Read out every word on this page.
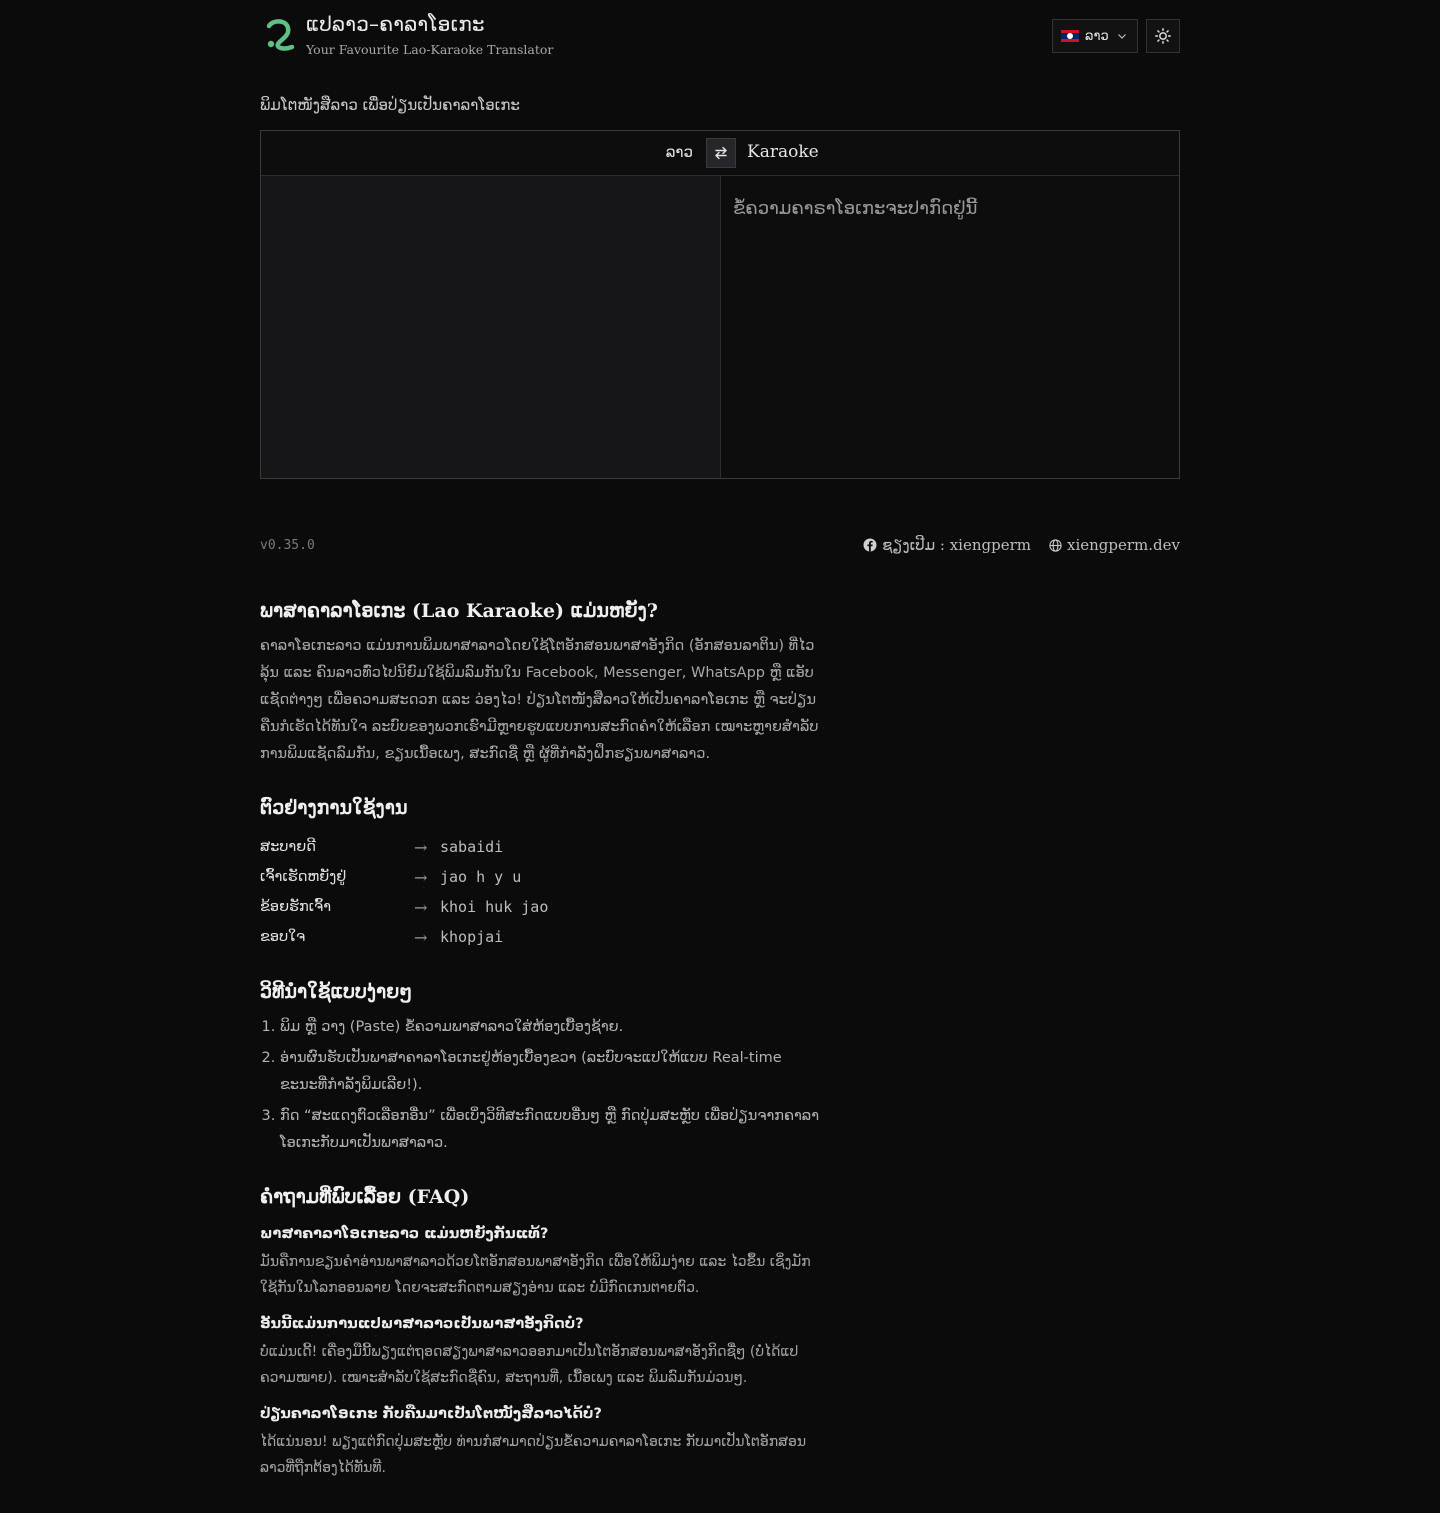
ແປລາວ–ຄາລາໂອເກະ
Your Favourite Lao-Karaoke Translator
ລາວ
ພິມໂຕໜັງສືລາວ ເພື່ອປ່ຽນເປັນຄາລາໂອເກະ
ລາວ	Karaoke
ຂໍ້ຄວາມຄາຣາໂອເກະຈະປາກົດຢູ່ນີ້
v0.35.0	ຊຽງເປີມ : xiengperm xiengperm.dev
ພາສາຄາລາໂອເກະ (Lao Karaoke) ແມ່ນຫຍັງ?

ຄາລາໂອເກະລາວ ແມ່ນການພິມພາສາລາວໂດຍໃຊ້ໂຕອັກສອນພາສາອັງກິດ (ອັກສອນລາຕິນ) ທີ່ໄວລຸ້ນ ແລະ ຄົນລາວທົ່ວໄປນິຍົມໃຊ້ພິມລົມກັນໃນ Facebook, Messenger, WhatsApp ຫຼື ແອັບແຊັດຕ່າງໆ ເພື່ອຄວາມສະດວກ ແລະ ວ່ອງໄວ! ປ່ຽນໂຕໜັງສືລາວໃຫ້ເປັນຄາລາໂອເກະ ຫຼື ຈະປ່ຽນຄືນກໍເຮັດໄດ້ທັນໃຈ ລະບົບຂອງພວກເຮົາມີຫຼາຍຮູບແບບການສະກົດຄຳໃຫ້ເລືອກ ເໝາະຫຼາຍສຳລັບການພິມແຊັດລົມກັນ, ຂຽນເນື້ອເພງ, ສະກົດຊື່ ຫຼື ຜູ້ທີ່ກຳລັງຝຶກຮຽນພາສາລາວ.

ຕົວຢ່າງການໃຊ້ງານ
ສະບາຍດີ	→ sabaidi
ເຈົ້າເຮັດຫຍັງຢູ່	→ jao h y u
ຂ້ອຍຮັກເຈົ້າ	→ khoi huk jao
ຂອບໃຈ	→ khopjai
ວິທີນຳໃຊ້ແບບງ່າຍໆ
1. ພິມ ຫຼື ວາງ (Paste) ຂໍ້ຄວາມພາສາລາວໃສ່ຫ້ອງເບື້ອງຊ້າຍ.
2. ອ່ານຜົນຮັບເປັນພາສາຄາລາໂອເກະຢູ່ຫ້ອງເບື້ອງຂວາ (ລະບົບຈະແປໃຫ້ແບບ Real-time ຂະນະທີ່ກຳລັງພິມເລີຍ!).
3. ກົດ “ສະແດງຕົວເລືອກອື່ນ” ເພື່ອເບິ່ງວິທີສະກົດແບບອື່ນໆ ຫຼື ກົດປຸ່ມສະຫຼັບ ເພື່ອປ່ຽນຈາກຄາລາໂອເກະກັບມາເປັນພາສາລາວ.
ຄຳຖາມທີ່ພົບເລື້ອຍ (FAQ)
ພາສາຄາລາໂອເກະລາວ ແມ່ນຫຍັງກັນແທ້?
ມັນຄືການຂຽນຄຳອ່ານພາສາລາວດ້ວຍໂຕອັກສອນພາສາອັງກິດ ເພື່ອໃຫ້ພິມງ່າຍ ແລະ ໄວຂຶ້ນ ເຊິ່ງມັກໃຊ້ກັນໃນໂລກອອນລາຍ ໂດຍຈະສະກົດຕາມສຽງອ່ານ ແລະ ບໍ່ມີກົດເກນຕາຍຕົວ.
ອັນນີ້ແມ່ນການແປພາສາລາວເປັນພາສາອັງກິດບໍ່?
ບໍ່ແມ່ນເດີ້! ເຄື່ອງມືນີ້ພຽງແຕ່ຖອດສຽງພາສາລາວອອກມາເປັນໂຕອັກສອນພາສາອັງກິດຊື່ໆ (ບໍ່ໄດ້ແປຄວາມໝາຍ). ເໝາະສຳລັບໃຊ້ສະກົດຊື່ຄົນ, ສະຖານທີ່, ເນື້ອເພງ ແລະ ພິມລົມກັນມ່ວນໆ.
ປ່ຽນຄາລາໂອເກະ ກັບຄືນມາເປັນໂຕໜັງສືລາວໄດ້ບໍ່?
ໄດ້ແນ່ນອນ! ພຽງແຕ່ກົດປຸ່ມສະຫຼັບ ທ່ານກໍສາມາດປ່ຽນຂໍ້ຄວາມຄາລາໂອເກະ ກັບມາເປັນໂຕອັກສອນລາວທີ່ຖືກຕ້ອງໄດ້ທັນທີ.
